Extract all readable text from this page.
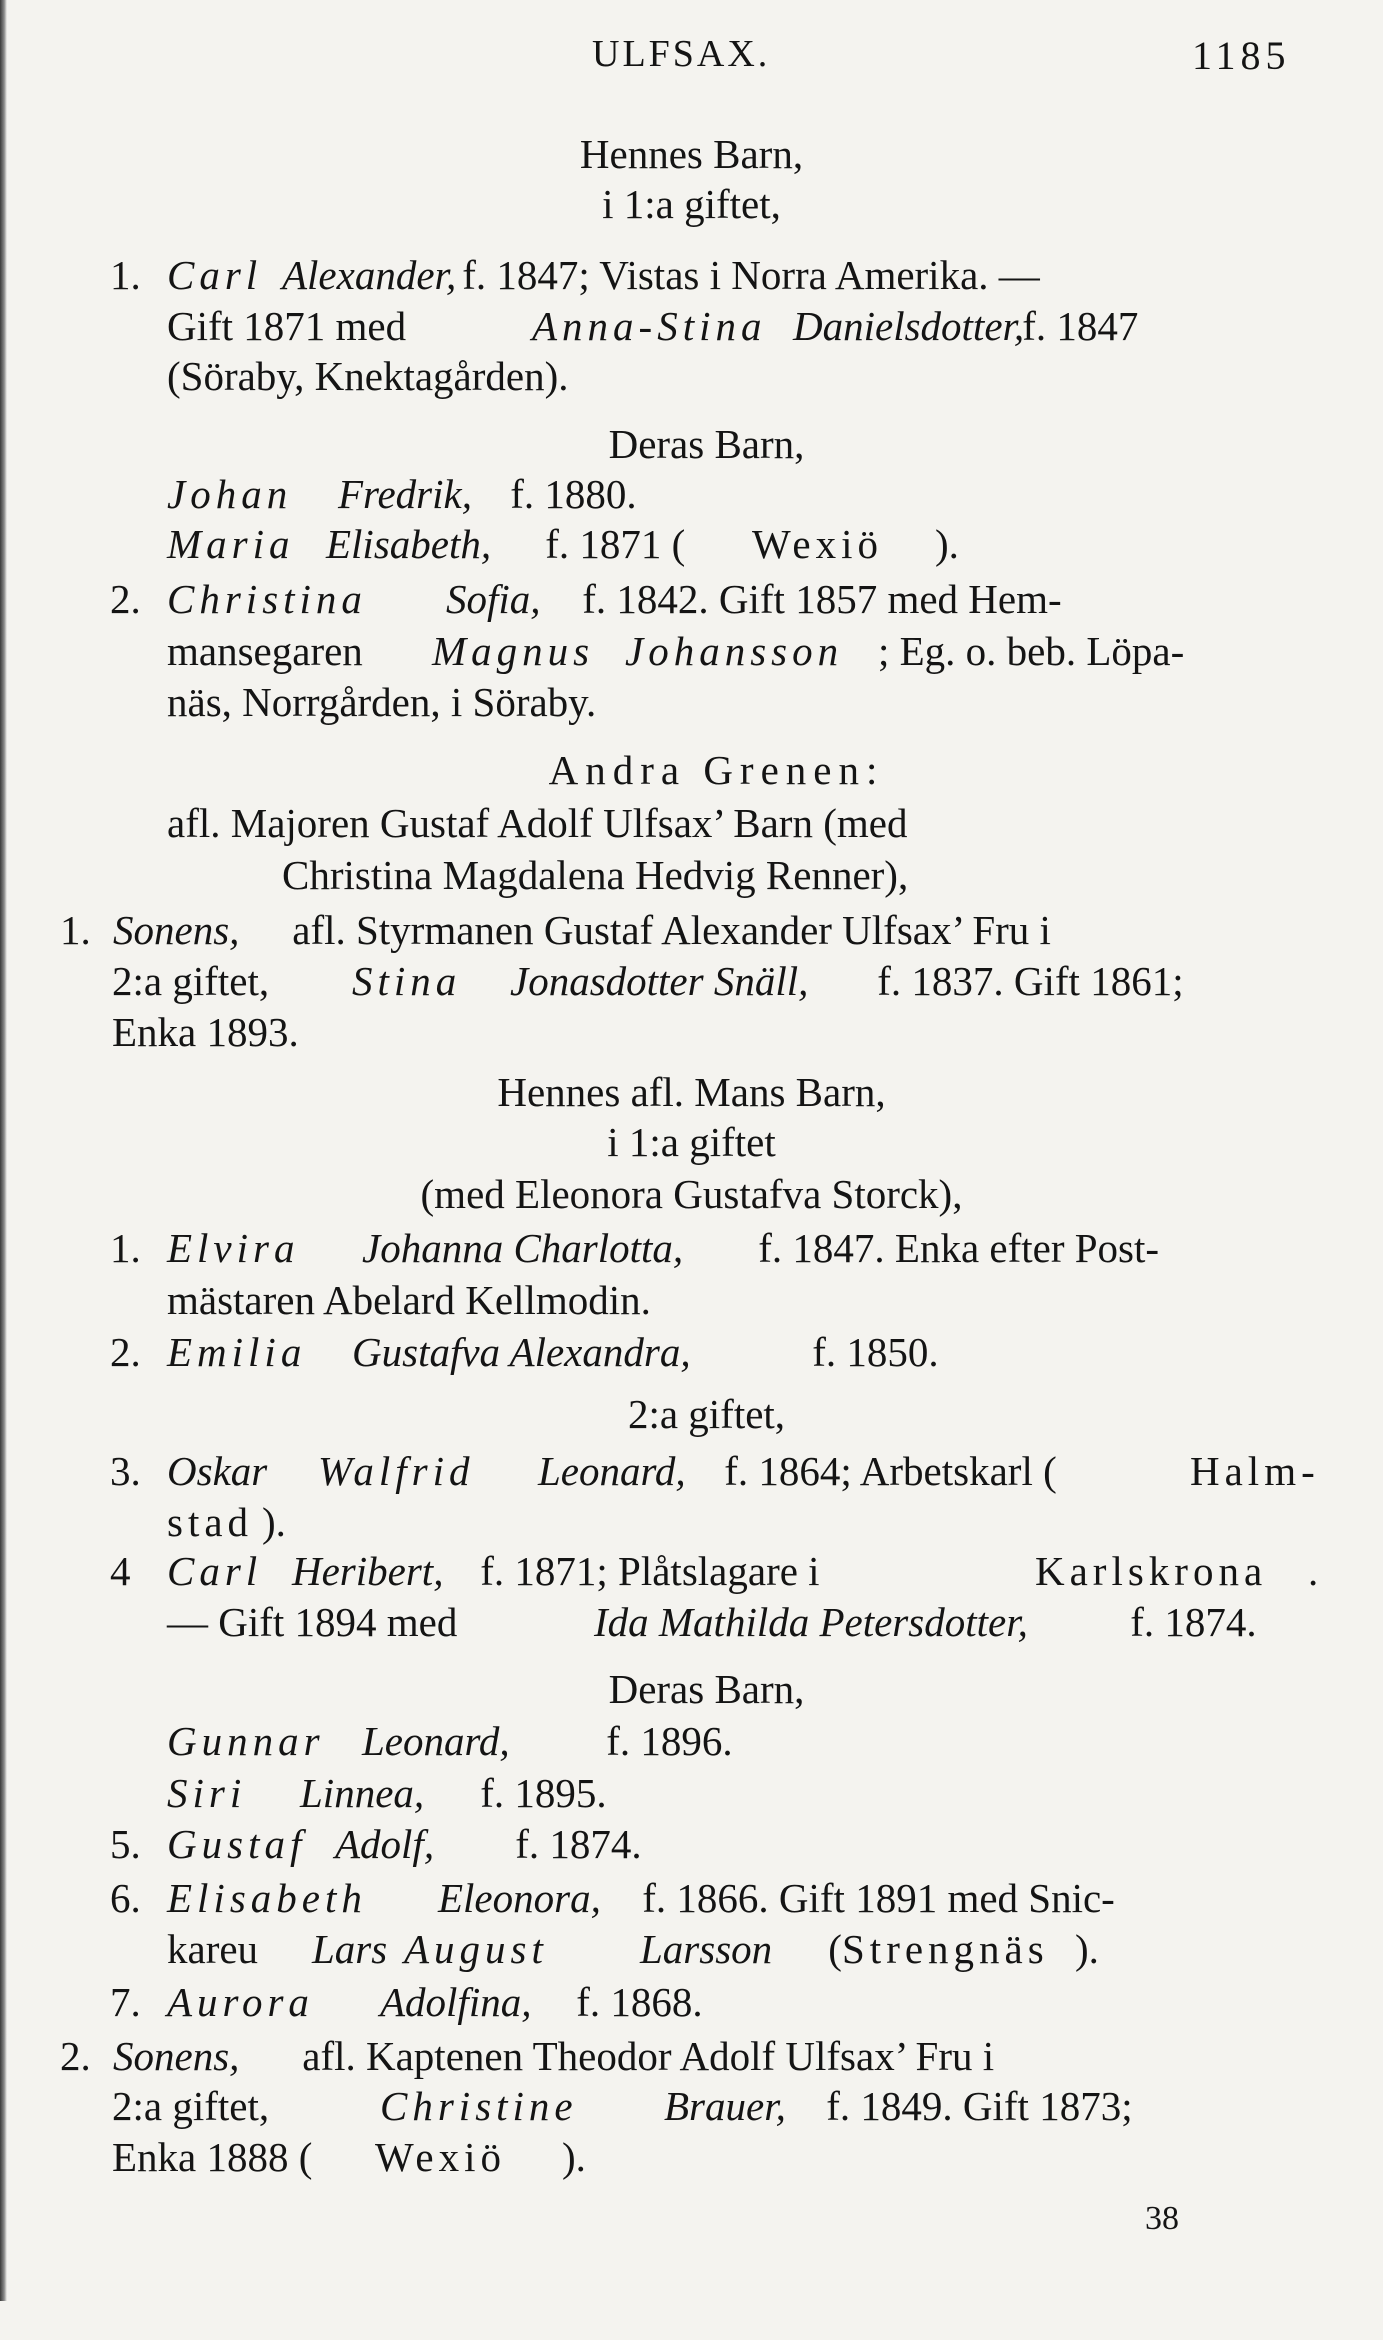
ULFSAX.	1185

Hennes Barn,

i 1:a giftet,

1.

Carl

Alexander,

f. 1847; Vistas i Norra Amerika. —

Gift 1871 med

	Anna-Stina

Danielsdotter,

f. 1847

(Söraby, Knektagården).

Deras Barn,

Johan

Fredrik,

f. 1880.

Maria

Elisabeth,

f. 1871 (

Wexiö

).

2.

Christina

Sofia,

f. 1842. Gift 1857 med Hem-

mansegaren

Magnus

Johansson

; Eg. o. beb. Löpa-

näs, Norrgården, i Söraby.

Andra Grenen:

afl. Majoren Gustaf Adolf Ulfsax’ Barn (med

Christina Magdalena Hedvig Renner),

1.

Sonens,

afl. Styrmanen Gustaf Alexander Ulfsax’ Fru i

2:a giftet,

Stina

Jonasdotter Snäll,

f. 1837. Gift 1861;

Enka 1893.

Hennes afl. Mans Barn,

i 1:a giftet

(med Eleonora Gustafva Storck),

1.

Elvira

Johanna Charlotta,

f. 1847. Enka efter Post-

mästaren Abelard Kellmodin.

2.

Emilia

Gustafva Alexandra,

	f. 1850.

2:a giftet,

3.

Oskar

Walfrid

Leonard,

f. 1864; Arbetskarl (

	Halm-

stad

).

4

Carl

Heribert,

f. 1871; Plåtslagare i

	Karlskrona

.

— Gift 1894 med

	Ida Mathilda Petersdotter,

f. 1874.

Deras Barn,

Gunnar

Leonard,

f. 1896.

Siri

Linnea,

f. 1895.

5.

Gustaf

Adolf,

f. 1874.

6.

Elisabeth

Eleonora,

f. 1866. Gift 1891 med Snic-

kareu

Lars

August

Larsson

(

Strengnäs

).

7.

Aurora

Adolfina,

f. 1868.

2.

Sonens,

afl. Kaptenen Theodor Adolf Ulfsax’ Fru i

2:a giftet,

Christine

Brauer,

f. 1849. Gift 1873;

Enka 1888 (

Wexiö

).

38
